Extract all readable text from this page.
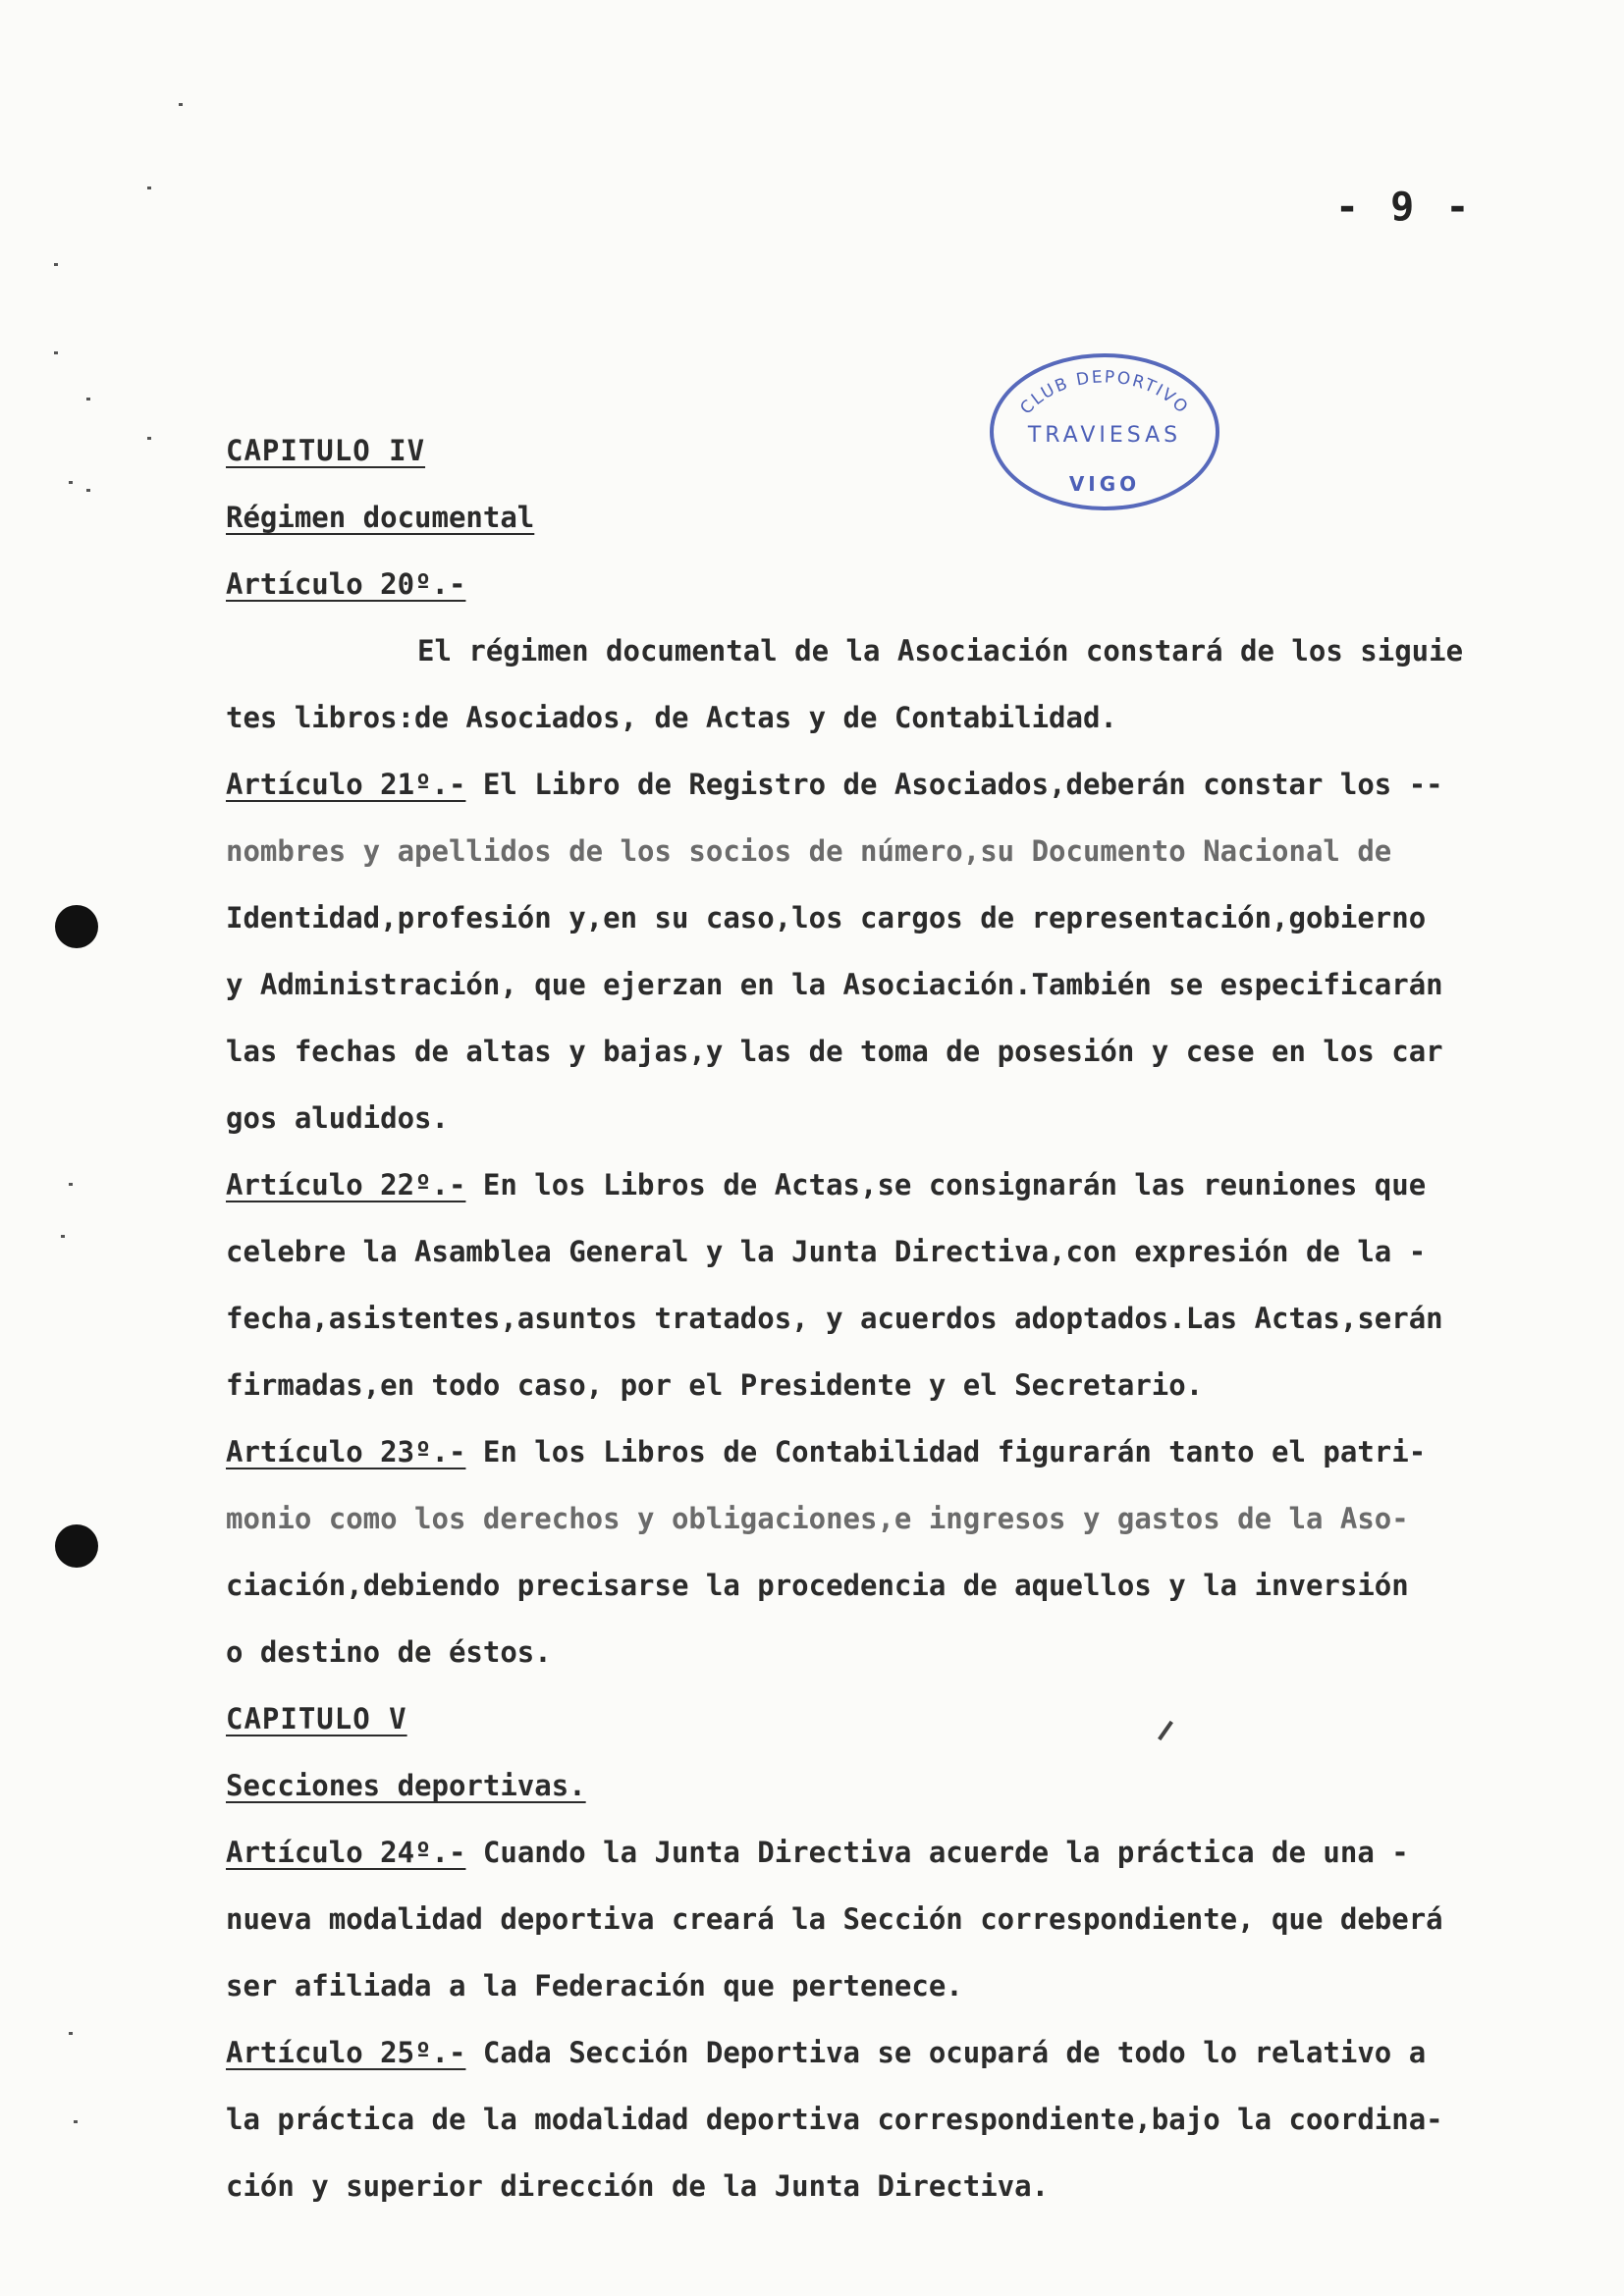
- 9 -
CLUB DEPORTIVO
TRAVIESAS
VIGO
CAPITULO IV
Régimen documental
Artículo 20º.-
El régimen documental de la Asociación constará de los siguie
tes libros:de Asociados, de Actas y de Contabilidad.
Artículo 21º.- El Libro de Registro de Asociados,deberán constar los --
nombres y apellidos de los socios de número,su Documento Nacional de
Identidad,profesión y,en su caso,los cargos de representación,gobierno
y Administración, que ejerzan en la Asociación.También se especificarán
las fechas de altas y bajas,y las de toma de posesión y cese en los car
gos aludidos.
Artículo 22º.- En los Libros de Actas,se consignarán las reuniones que
celebre la Asamblea General y la Junta Directiva,con expresión de la -
fecha,asistentes,asuntos tratados, y acuerdos adoptados.Las Actas,serán
firmadas,en todo caso, por el Presidente y el Secretario.
Artículo 23º.- En los Libros de Contabilidad figurarán tanto el patri-
monio como los derechos y obligaciones,e ingresos y gastos de la Aso-
ciación,debiendo precisarse la procedencia de aquellos y la inversión
o destino de éstos.
CAPITULO V
Secciones deportivas.
Artículo 24º.- Cuando la Junta Directiva acuerde la práctica de una -
nueva modalidad deportiva creará la Sección correspondiente, que deberá
ser afiliada a la Federación que pertenece.
Artículo 25º.- Cada Sección Deportiva se ocupará de todo lo relativo a
la práctica de la modalidad deportiva correspondiente,bajo la coordina-
ción y superior dirección de la Junta Directiva.
